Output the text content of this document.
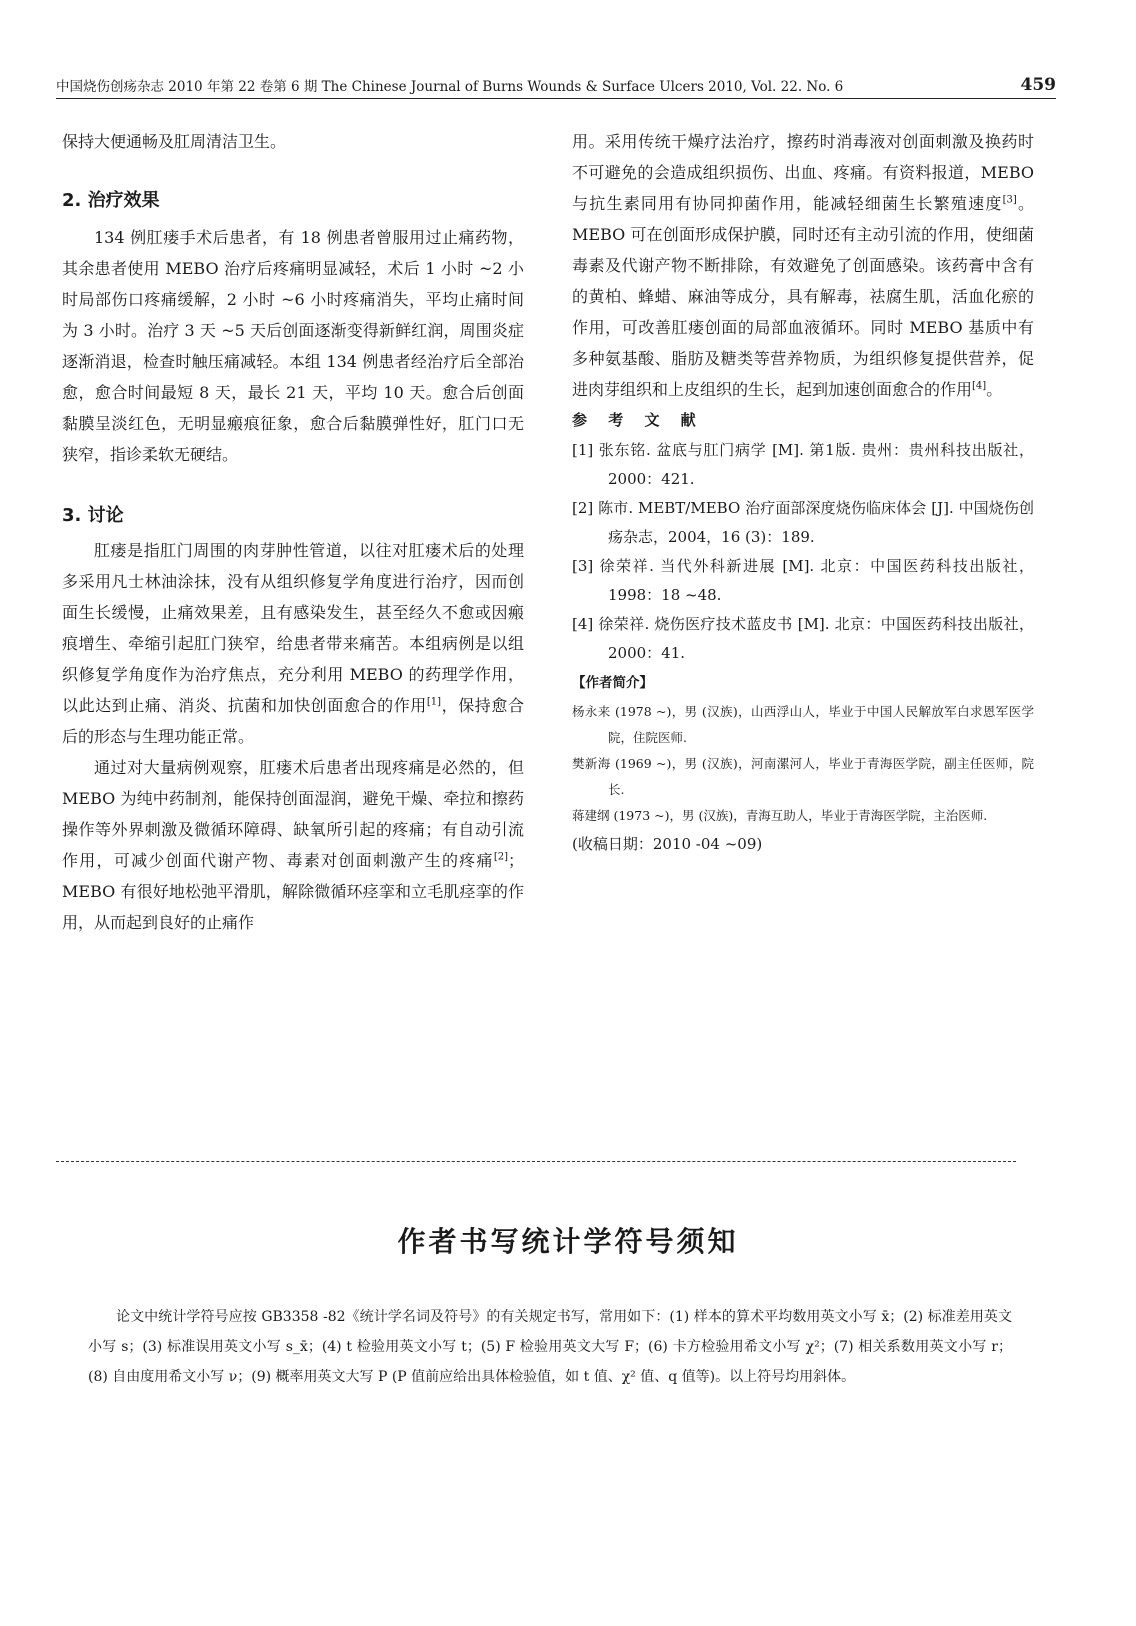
中国烧伤创疡杂志 2010 年第 22 卷第 6 期 The Chinese Journal of Burns Wounds & Surface Ulcers 2010, Vol. 22. No. 6	459

保持大便通畅及肛周清洁卫生。

2. 治疗效果

134 例肛瘘手术后患者，有 18 例患者曾服用过止痛药物，其余患者使用 MEBO 治疗后疼痛明显减轻，术后 1 小时 ~2 小时局部伤口疼痛缓解，2 小时 ~6 小时疼痛消失，平均止痛时间为 3 小时。治疗 3 天 ~5 天后创面逐渐变得新鲜红润，周围炎症逐渐消退，检查时触压痛减轻。本组 134 例患者经治疗后全部治愈，愈合时间最短 8 天，最长 21 天，平均 10 天。愈合后创面黏膜呈淡红色，无明显瘢痕征象，愈合后黏膜弹性好，肛门口无狭窄，指诊柔软无硬结。

3. 讨论

肛瘘是指肛门周围的肉芽肿性管道，以往对肛瘘术后的处理多采用凡士林油涂抹，没有从组织修复学角度进行治疗，因而创面生长缓慢，止痛效果差，且有感染发生，甚至经久不愈或因瘢痕增生、牵缩引起肛门狭窄，给患者带来痛苦。本组病例是以组织修复学角度作为治疗焦点，充分利用 MEBO 的药理学作用，以此达到止痛、消炎、抗菌和加快创面愈合的作用[1]，保持愈合后的形态与生理功能正常。

通过对大量病例观察，肛瘘术后患者出现疼痛是必然的，但 MEBO 为纯中药制剂，能保持创面湿润，避免干燥、牵拉和擦药操作等外界刺激及微循环障碍、缺氧所引起的疼痛；有自动引流作用，可减少创面代谢产物、毒素对创面刺激产生的疼痛[2]；MEBO 有很好地松弛平滑肌，解除微循环痉挛和立毛肌痉挛的作用，从而起到良好的止痛作

用。采用传统干燥疗法治疗，擦药时消毒液对创面刺激及换药时不可避免的会造成组织损伤、出血、疼痛。有资料报道，MEBO 与抗生素同用有协同抑菌作用，能减轻细菌生长繁殖速度[3]。MEBO 可在创面形成保护膜，同时还有主动引流的作用，使细菌毒素及代谢产物不断排除，有效避免了创面感染。该药膏中含有的黄柏、蜂蜡、麻油等成分，具有解毒，祛腐生肌，活血化瘀的作用，可改善肛瘘创面的局部血液循环。同时 MEBO 基质中有多种氨基酸、脂肪及糖类等营养物质，为组织修复提供营养，促进肉芽组织和上皮组织的生长，起到加速创面愈合的作用[4]。

参 考 文 献

[1] 张东铭. 盆底与肛门病学 [M]. 第1版. 贵州：贵州科技出版社，2000：421.
[2] 陈市. MEBT/MEBO 治疗面部深度烧伤临床体会 [J]. 中国烧伤创疡杂志，2004，16 (3)：189.
[3] 徐荣祥. 当代外科新进展 [M]. 北京：中国医药科技出版社，1998：18 ~48.
[4] 徐荣祥. 烧伤医疗技术蓝皮书 [M]. 北京：中国医药科技出版社，2000：41.

【作者简介】

杨永来 (1978 ~)，男 (汉族)，山西浮山人，毕业于中国人民解放军白求恩军医学院，住院医师.

樊新海 (1969 ~)，男 (汉族)，河南漯河人，毕业于青海医学院，副主任医师，院长.

蒋建纲 (1973 ~)，男 (汉族)，青海互助人，毕业于青海医学院，主治医师.

(收稿日期：2010 -04 ~09)

作者书写统计学符号须知

论文中统计学符号应按 GB3358 -82《统计学名词及符号》的有关规定书写，常用如下：(1) 样本的算术平均数用英文小写 x̄；(2) 标准差用英文小写 s；(3) 标准误用英文小写 s_x̄；(4) t 检验用英文小写 t；(5) F 检验用英文大写 F；(6) 卡方检验用希文小写 χ²；(7) 相关系数用英文小写 r；(8) 自由度用希文小写 ν；(9) 概率用英文大写 P (P 值前应给出具体检验值，如 t 值、χ² 值、q 值等)。以上符号均用斜体。
